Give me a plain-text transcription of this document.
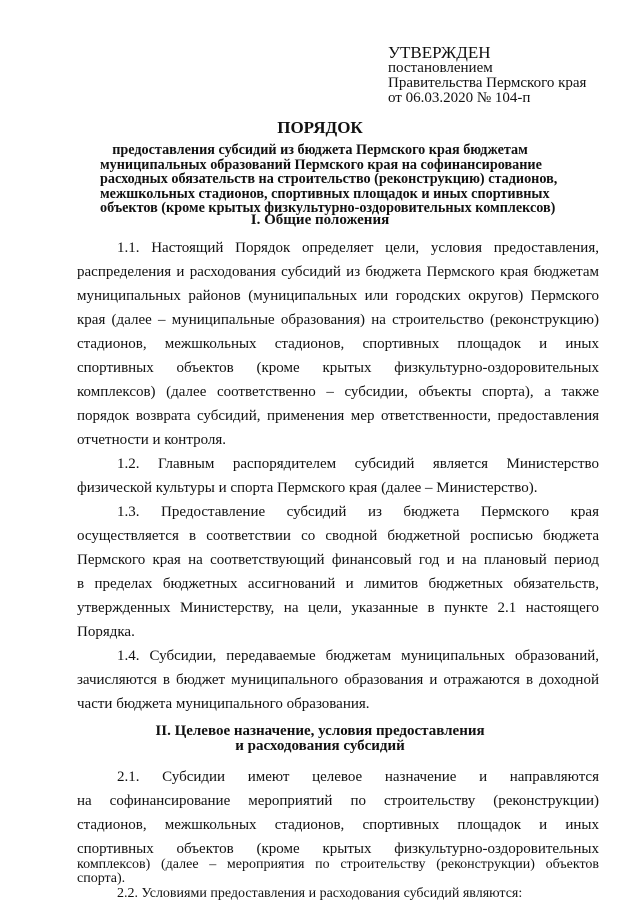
УТВЕРЖДЕН
постановлением
Правительства Пермского края
от 06.03.2020 № 104-п
ПОРЯДОК
предоставления субсидий из бюджета Пермского края бюджетам
муниципальных образований Пермского края на софинансирование
расходных обязательств на строительство (реконструкцию) стадионов,
межшкольных стадионов, спортивных площадок и иных спортивных
объектов (кроме крытых физкультурно-оздоровительных комплексов)
I. Общие положения
1.1. Настоящий Порядок определяет цели, условия предоставления,
распределения и расходования субсидий из бюджета Пермского края бюджетам
муниципальных районов (муниципальных или городских округов) Пермского
края (далее – муниципальные образования) на строительство (реконструкцию)
стадионов, межшкольных стадионов, спортивных площадок и иных
спортивных объектов (кроме крытых физкультурно-оздоровительных
комплексов) (далее соответственно – субсидии, объекты спорта), а также
порядок возврата субсидий, применения мер ответственности, предоставления
отчетности и контроля.
1.2. Главным распорядителем субсидий является Министерство
физической культуры и спорта Пермского края (далее – Министерство).
1.3. Предоставление субсидий из бюджета Пермского края
осуществляется в соответствии со сводной бюджетной росписью бюджета
Пермского края на соответствующий финансовый год и на плановый период
в пределах бюджетных ассигнований и лимитов бюджетных обязательств,
утвержденных Министерству, на цели, указанные в пункте 2.1 настоящего
Порядка.
1.4. Субсидии, передаваемые бюджетам муниципальных образований,
зачисляются в бюджет муниципального образования и отражаются в доходной
части бюджета муниципального образования.
II. Целевое назначение, условия предоставления
и расходования субсидий
2.1. Субсидии имеют целевое назначение и направляются
на софинансирование мероприятий по строительству (реконструкции)
стадионов, межшкольных стадионов, спортивных площадок и иных
спортивных объектов (кроме крытых физкультурно-оздоровительных
комплексов) (далее – мероприятия по строительству (реконструкции) объектов
спорта).
2.2. Условиями предоставления и расходования субсидий являются:
